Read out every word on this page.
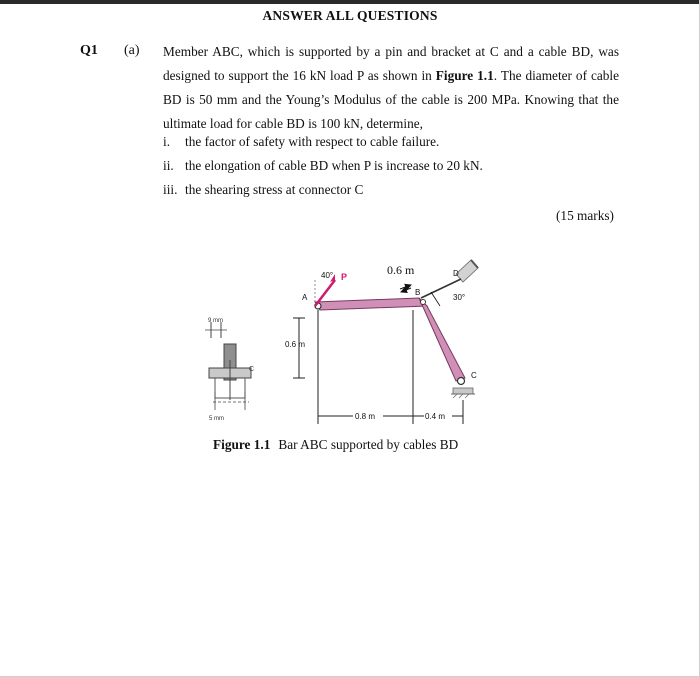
ANSWER ALL QUESTIONS
Q1 (a) Member ABC, which is supported by a pin and bracket at C and a cable BD, was designed to support the 16 kN load P as shown in Figure 1.1. The diameter of cable BD is 50 mm and the Young’s Modulus of the cable is 200 MPa. Knowing that the ultimate load for cable BD is 100 kN, determine,
i. the factor of safety with respect to cable failure.
ii. the elongation of cable BD when P is increase to 20 kN.
iii. the shearing stress at connector C
(15 marks)
9 mm
5 mm
C
40° P
A
B
C
D
30°
0.6 m
0.6 m
0.8 m	0.4 m
Figure 1.1 Bar ABC supported by cables BD
